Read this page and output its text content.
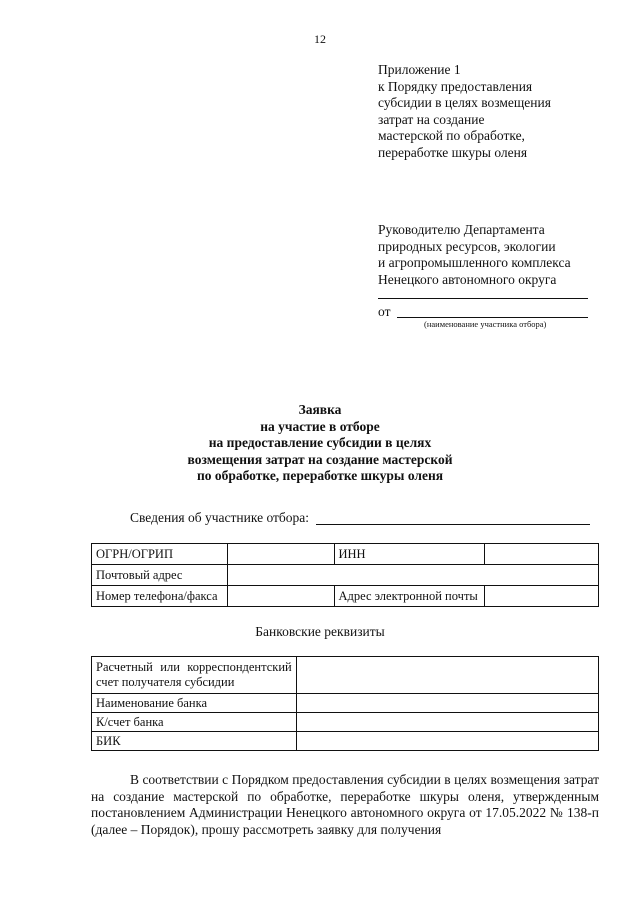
12
Приложение 1
к Порядку предоставления
субсидии в целях возмещения
затрат на создание
мастерской по обработке,
переработке шкуры оленя
Руководителю Департамента
природных ресурсов, экологии
и агропромышленного комплекса
Ненецкого автономного округа
от
(наименование участника отбора)
Заявка
на участие в отборе
на предоставление субсидии в целях
возмещения затрат на создание мастерской
по обработке, переработке шкуры оленя
Сведения об участнике отбора:
ОГРН/ОГРИП		ИНН	
Почтовый адрес			
Номер телефона/факса		Адрес электронной почты	
Банковские реквизиты
Расчетный или корреспондентский счет получателя субсидии	
Наименование банка	
К/счет банка	
БИК	
В соответствии с Порядком предоставления субсидии в целях возмещения затрат на создание мастерской по обработке, переработке шкуры оленя, утвержденным постановлением Администрации Ненецкого автономного округа от 17.05.2022 № 138-п (далее – Порядок), прошу рассмотреть заявку для получения
